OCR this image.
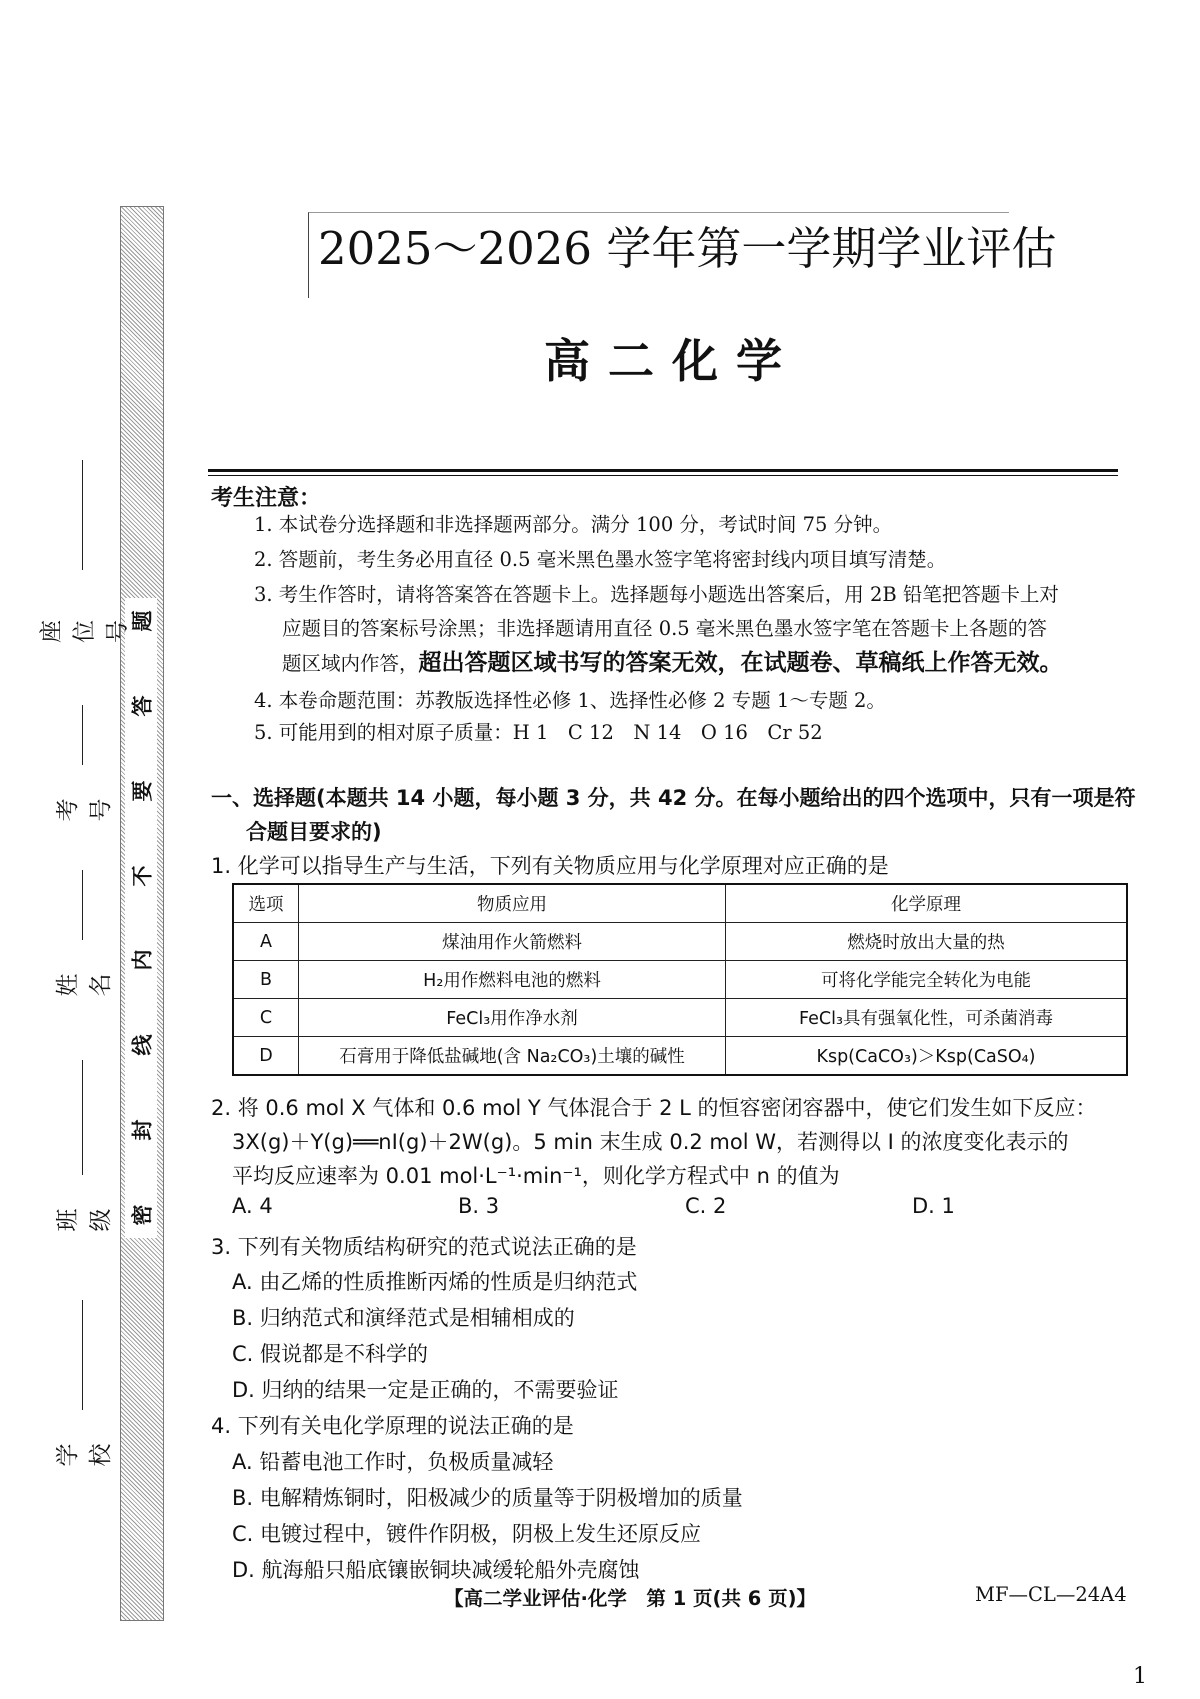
题
答
要
不
内
线
封
密
座位号
考号
姓名
班级
学校
2025～2026 学年第一学期学业评估
高二化学
考生注意：
1. 本试卷分选择题和非选择题两部分。满分 100 分，考试时间 75 分钟。
2. 答题前，考生务必用直径 0.5 毫米黑色墨水签字笔将密封线内项目填写清楚。
3. 考生作答时，请将答案答在答题卡上。选择题每小题选出答案后，用 2B 铅笔把答题卡上对
应题目的答案标号涂黑；非选择题请用直径 0.5 毫米黑色墨水签字笔在答题卡上各题的答
题区域内作答，超出答题区域书写的答案无效，在试题卷、草稿纸上作答无效。
4. 本卷命题范围：苏教版选择性必修 1、选择性必修 2 专题 1～专题 2。
5. 可能用到的相对原子质量：H 1　C 12　N 14　O 16　Cr 52
一、选择题(本题共 14 小题，每小题 3 分，共 42 分。在每小题给出的四个选项中，只有一项是符
合题目要求的)
1. 化学可以指导生产与生活，下列有关物质应用与化学原理对应正确的是
选项	物质应用	化学原理
A	煤油用作火箭燃料	燃烧时放出大量的热
B	H₂用作燃料电池的燃料	可将化学能完全转化为电能
C	FeCl₃用作净水剂	FeCl₃具有强氧化性，可杀菌消毒
D	石膏用于降低盐碱地(含 Na₂CO₃)土壤的碱性	Ksp(CaCO₃)＞Ksp(CaSO₄)
2. 将 0.6 mol X 气体和 0.6 mol Y 气体混合于 2 L 的恒容密闭容器中，使它们发生如下反应：
3X(g)＋Y(g)══nI(g)＋2W(g)。5 min 末生成 0.2 mol W，若测得以 I 的浓度变化表示的
平均反应速率为 0.01 mol·L⁻¹·min⁻¹，则化学方程式中 n 的值为
A. 4	B. 3	C. 2	D. 1
3. 下列有关物质结构研究的范式说法正确的是
A. 由乙烯的性质推断丙烯的性质是归纳范式
B. 归纳范式和演绎范式是相辅相成的
C. 假说都是不科学的
D. 归纳的结果一定是正确的，不需要验证
4. 下列有关电化学原理的说法正确的是
A. 铅蓄电池工作时，负极质量减轻
B. 电解精炼铜时，阳极减少的质量等于阴极增加的质量
C. 电镀过程中，镀件作阴极，阴极上发生还原反应
D. 航海船只船底镶嵌铜块减缓轮船外壳腐蚀
【高二学业评估·化学　第 1 页(共 6 页)】	MF—CL—24A4
1
